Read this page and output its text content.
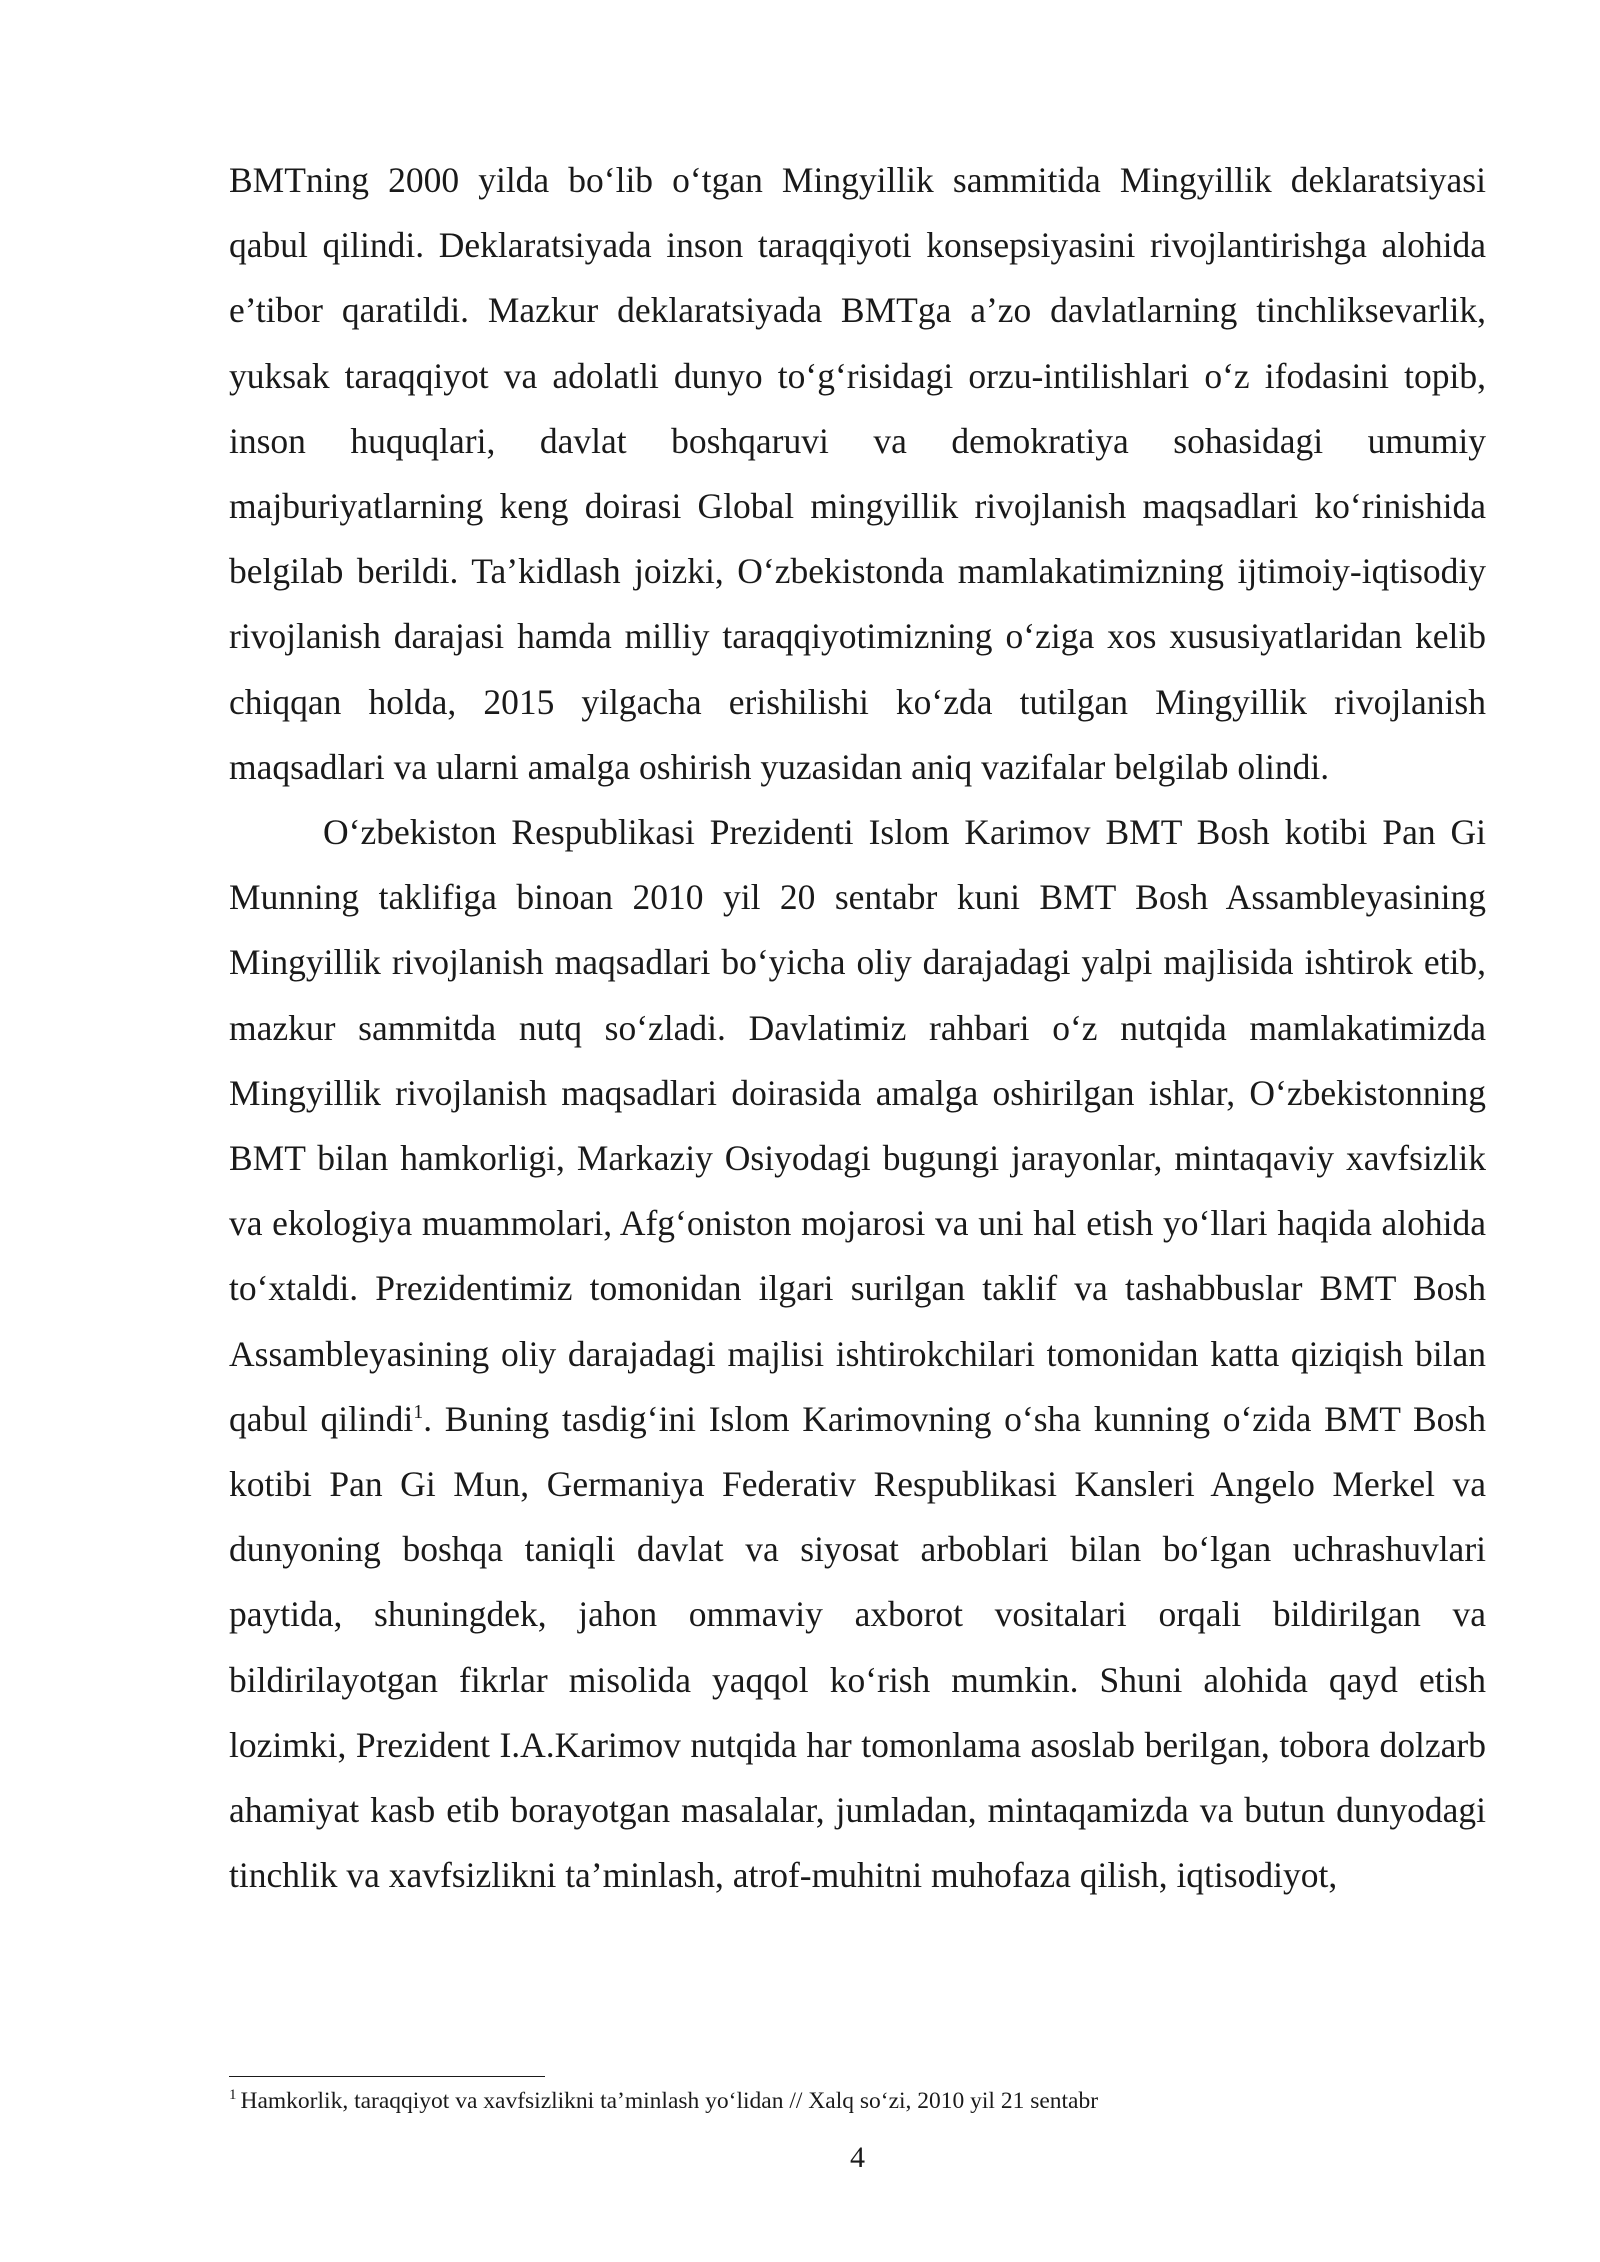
BMTning 2000 yilda bo‘lib o‘tgan Mingyillik sammitida Mingyillik deklaratsiyasi qabul qilindi. Deklaratsiyada inson taraqqiyoti konsepsiyasini rivojlantirishga alohida e’tibor qaratildi. Mazkur deklaratsiyada BMTga a’zo davlatlarning tinchliksevarlik, yuksak taraqqiyot va adolatli dunyo to‘g‘risidagi orzu-intilishlari o‘z ifodasini topib, inson huquqlari, davlat boshqaruvi va demokratiya sohasidagi umumiy majburiyatlarning keng doirasi Global mingyillik rivojlanish maqsadlari ko‘rinishida belgilab berildi. Ta’kidlash joizki, O‘zbekistonda mamlakatimizning ijtimoiy-iqtisodiy rivojlanish darajasi hamda milliy taraqqiyotimizning o‘ziga xos xususiyatlaridan kelib chiqqan holda, 2015 yilgacha erishilishi ko‘zda tutilgan Mingyillik rivojlanish maqsadlari va ularni amalga oshirish yuzasidan aniq vazifalar belgilab olindi.

O‘zbekiston Respublikasi Prezidenti Islom Karimov BMT Bosh kotibi Pan Gi Munning taklifiga binoan 2010 yil 20 sentabr kuni BMT Bosh Assambleyasining Mingyillik rivojlanish maqsadlari bo‘yicha oliy darajadagi yalpi majlisida ishtirok etib, mazkur sammitda nutq so‘zladi. Davlatimiz rahbari o‘z nutqida mamlakatimizda Mingyillik rivojlanish maqsadlari doirasida amalga oshirilgan ishlar, O‘zbekistonning BMT bilan hamkorligi, Markaziy Osiyodagi bugungi jarayonlar, mintaqaviy xavfsizlik va ekologiya muammolari, Afg‘oniston mojarosi va uni hal etish yo‘llari haqida alohida to‘xtaldi. Prezidentimiz tomonidan ilgari surilgan taklif va tashabbuslar BMT Bosh Assambleyasining oliy darajadagi majlisi ishtirokchilari tomonidan katta qiziqish bilan qabul qilindi$^1$. Buning tasdig‘ini Islom Karimovning o‘sha kunning o‘zida BMT Bosh kotibi Pan Gi Mun, Germaniya Federativ Respublikasi Kansleri Angelo Merkel va dunyoning boshqa taniqli davlat va siyosat arboblari bilan bo‘lgan uchrashuvlari paytida, shuningdek, jahon ommaviy axborot vositalari orqali bildirilgan va bildirilayotgan fikrlar misolida yaqqol ko‘rish mumkin. Shuni alohida qayd etish lozimki, Prezident I.A.Karimov nutqida har tomonlama asoslab berilgan, tobora dolzarb ahamiyat kasb etib borayotgan masalalar, jumladan, mintaqamizda va butun dunyodagi tinchlik va xavfsizlikni ta’minlash, atrof-muhitni muhofaza qilish, iqtisodiyot,

$^1$ Hamkorlik, taraqqiyot va xavfsizlikni ta’minlash yo‘lidan // Xalq so‘zi, 2010 yil 21 sentabr

4
